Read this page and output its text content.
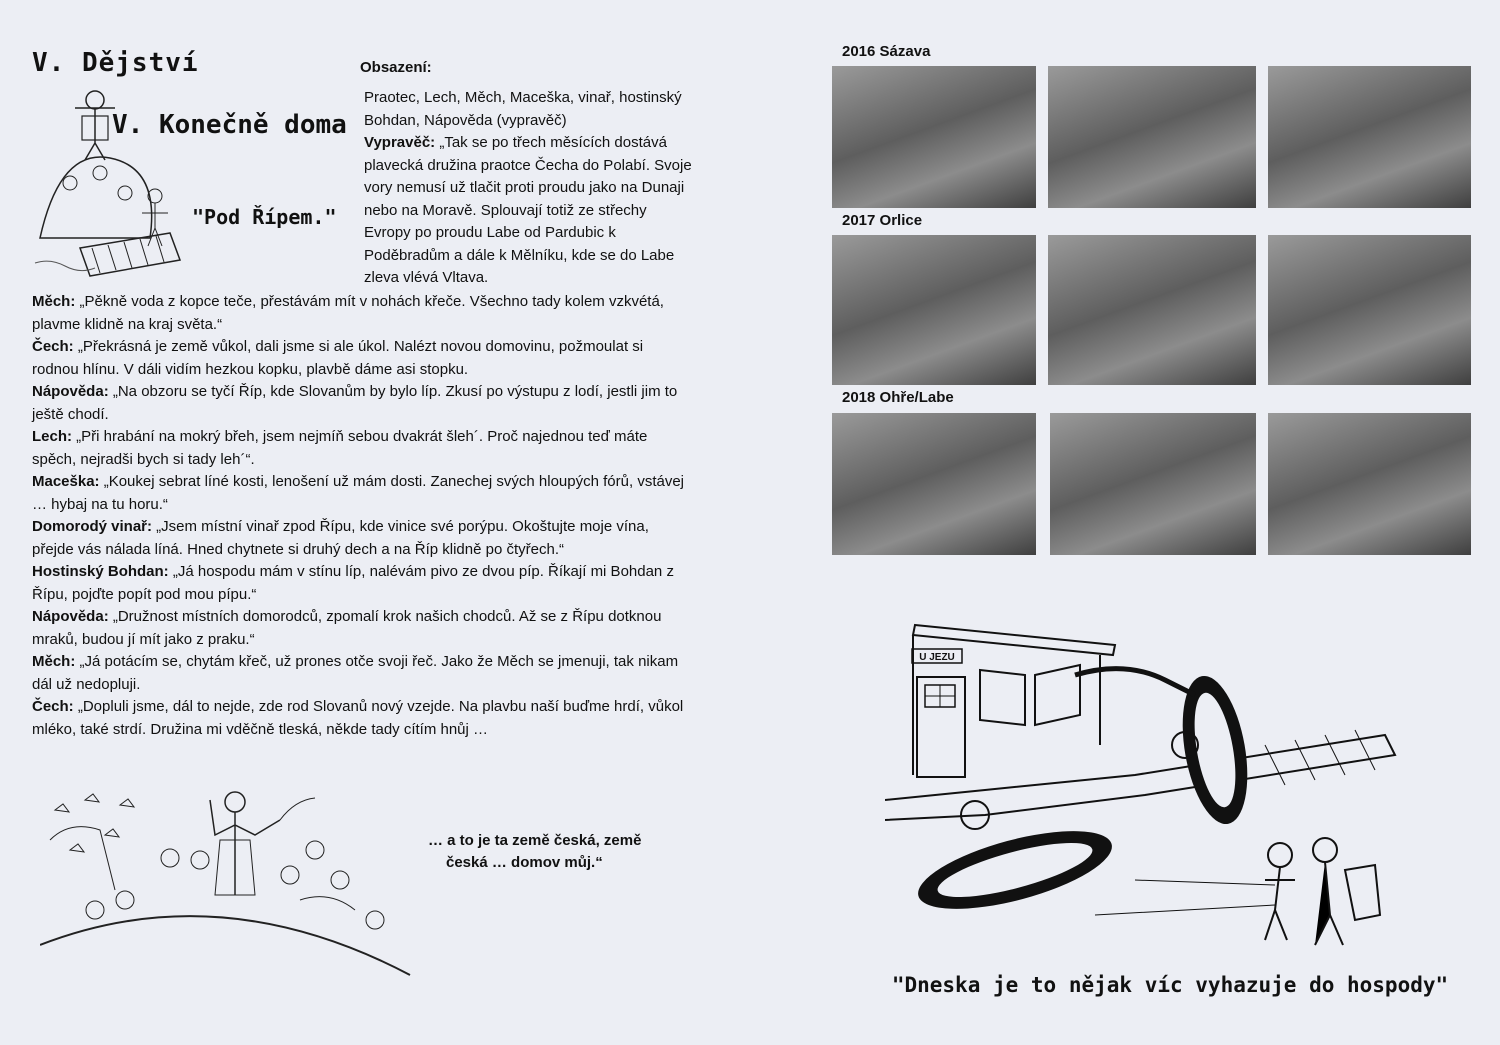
V. Dějství
V. Konečně doma
"Pod Řípem."
Obsazení:

Praotec, Lech, Měch, Maceška, vinař, hostinský Bohdan, Nápověda (vypravěč)

Vypravěč: „Tak se po třech měsících dostává plavecká družina praotce Čecha do Polabí. Svoje vory nemusí už tlačit proti proudu jako na Dunaji nebo na Moravě. Splouvají totiž ze střechy Evropy po proudu Labe od Pardubic k Poděbradům a dále k Mělníku, kde se do Labe zleva vlévá Vltava.

Měch: „Pěkně voda z kopce teče, přestávám mít v nohách křeče. Všechno tady kolem vzkvétá, plavme klidně na kraj světa.“

Čech: „Překrásná je země vůkol, dali jsme si ale úkol. Nalézt novou domovinu, požmoulat si rodnou hlínu. V dáli vidím hezkou kopku, plavbě dáme asi stopku.

Nápověda: „Na obzoru se tyčí Říp, kde Slovanům by bylo líp. Zkusí po výstupu z lodí, jestli jim to ještě chodí.

Lech: „Při hrabání na mokrý břeh, jsem nejmíň sebou dvakrát šleh´. Proč najednou teď máte spěch, nejradši bych si tady leh´“.

Maceška: „Koukej sebrat líné kosti, lenošení už mám dosti. Zanechej svých hloupých fórů, vstávej … hybaj na tu horu.“

Domorodý vinař: „Jsem místní vinař zpod Řípu, kde vinice své porýpu. Okoštujte moje vína, přejde vás nálada líná. Hned chytnete si druhý dech a na Říp klidně po čtyřech.“

Hostinský Bohdan: „Já hospodu mám v stínu líp, nalévám pivo ze dvou píp. Říkají mi Bohdan z Řípu, pojďte popít pod mou pípu.“

Nápověda: „Družnost místních domorodců, zpomalí krok našich chodců. Až se z Řípu dotknou mraků, budou jí mít jako z praku.“

Měch: „Já potácím se, chytám křeč, už prones otče svoji řeč. Jako že Měch se jmenuji, tak nikam dál už nedopluji.

Čech: „Dopluli jsme, dál to nejde, zde rod Slovanů nový vzejde. Na plavbu naší buďme hrdí, vůkol mléko, také strdí. Družina mi vděčně tleská, někde tady cítím hnůj …

… a to je ta země česká, země
česká … domov můj.“
2016 Sázava
2017 Orlice
2018 Ohře/Labe
U JEZU

"Dneska je to nějak víc vyhazuje do hospody"
